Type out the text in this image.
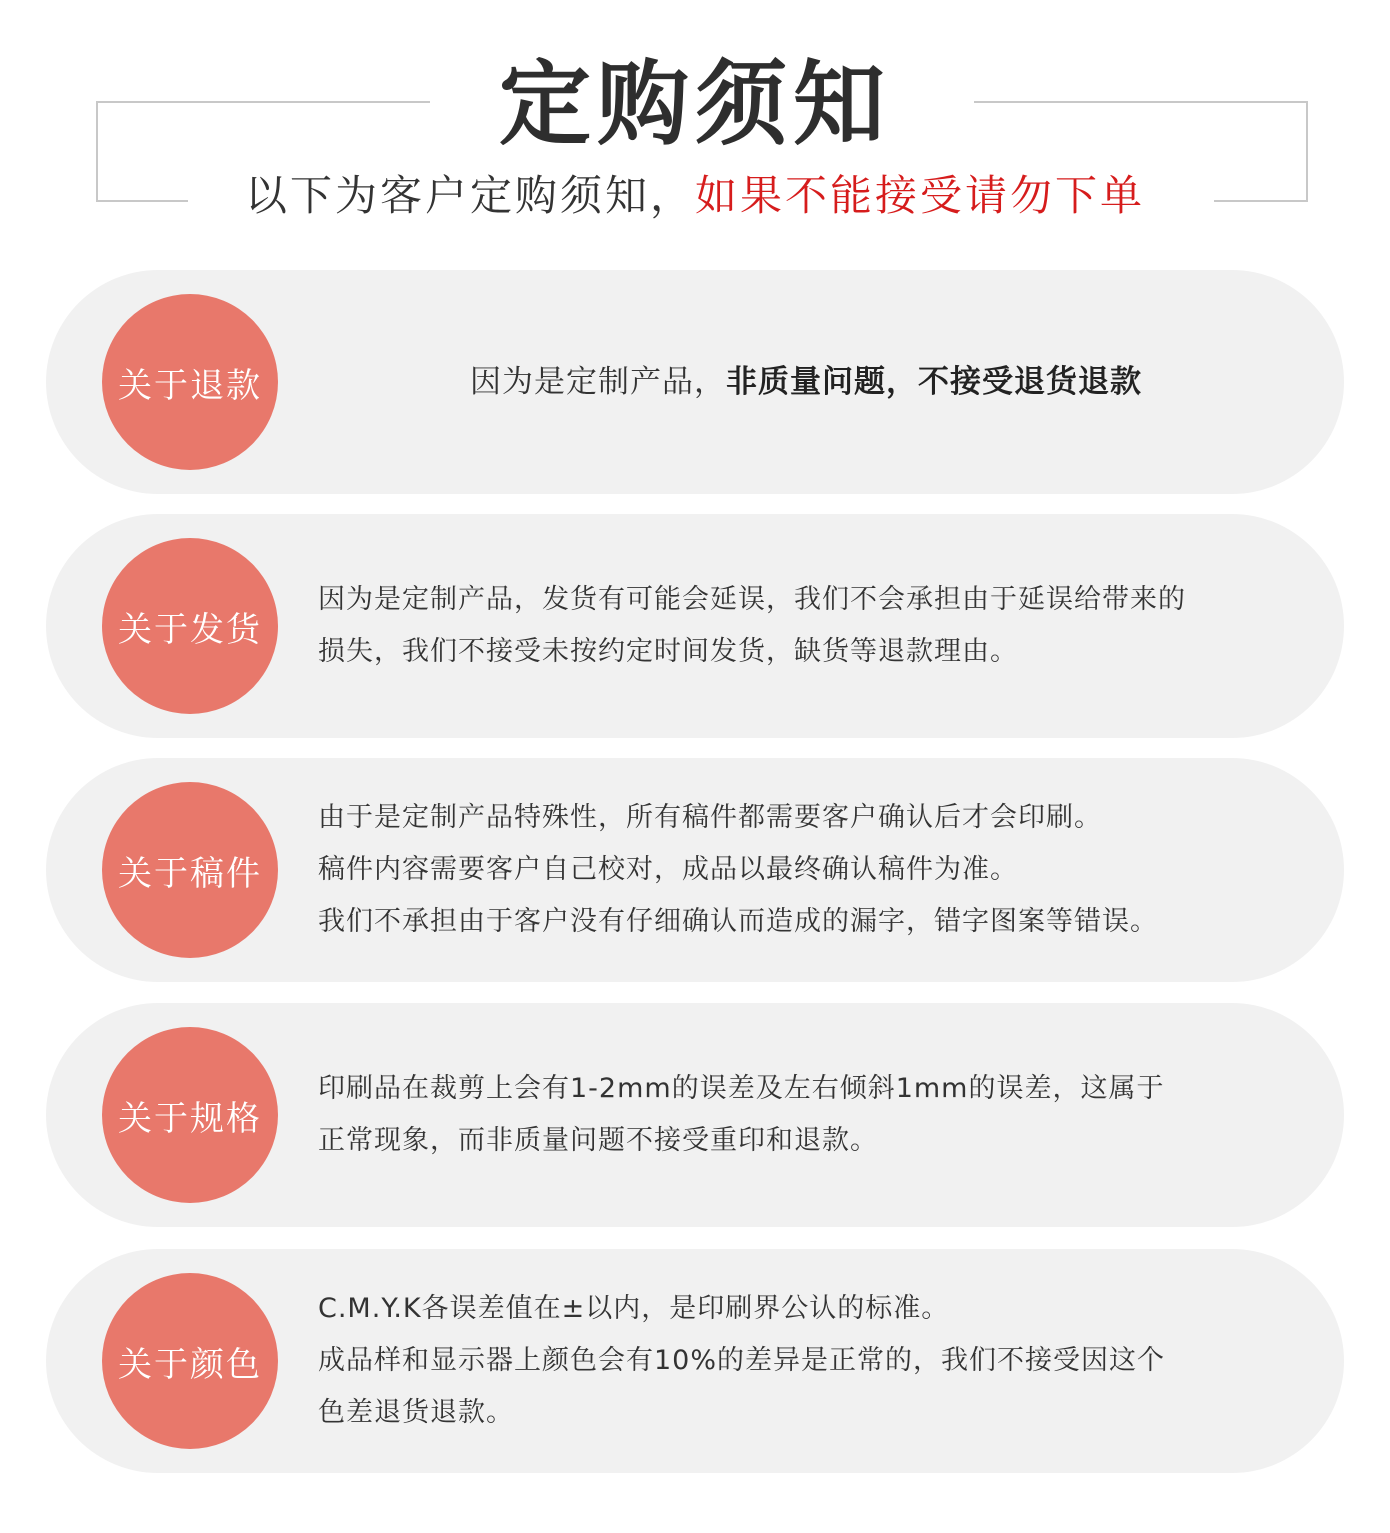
定购须知
以下为客户定购须知，如果不能接受请勿下单
关于退款	因为是定制产品，非质量问题，不接受退货退款
关于发货
因为是定制产品，发货有可能会延误，我们不会承担由于延误给带来的
损失，我们不接受未按约定时间发货，缺货等退款理由。
关于稿件
由于是定制产品特殊性，所有稿件都需要客户确认后才会印刷。
稿件内容需要客户自己校对，成品以最终确认稿件为准。
我们不承担由于客户没有仔细确认而造成的漏字，错字图案等错误。
关于规格
印刷品在裁剪上会有1-2mm的误差及左右倾斜1mm的误差，这属于
正常现象，而非质量问题不接受重印和退款。
关于颜色
C.M.Y.K各误差值在±以内，是印刷界公认的标准。
成品样和显示器上颜色会有10%的差异是正常的，我们不接受因这个
色差退货退款。
